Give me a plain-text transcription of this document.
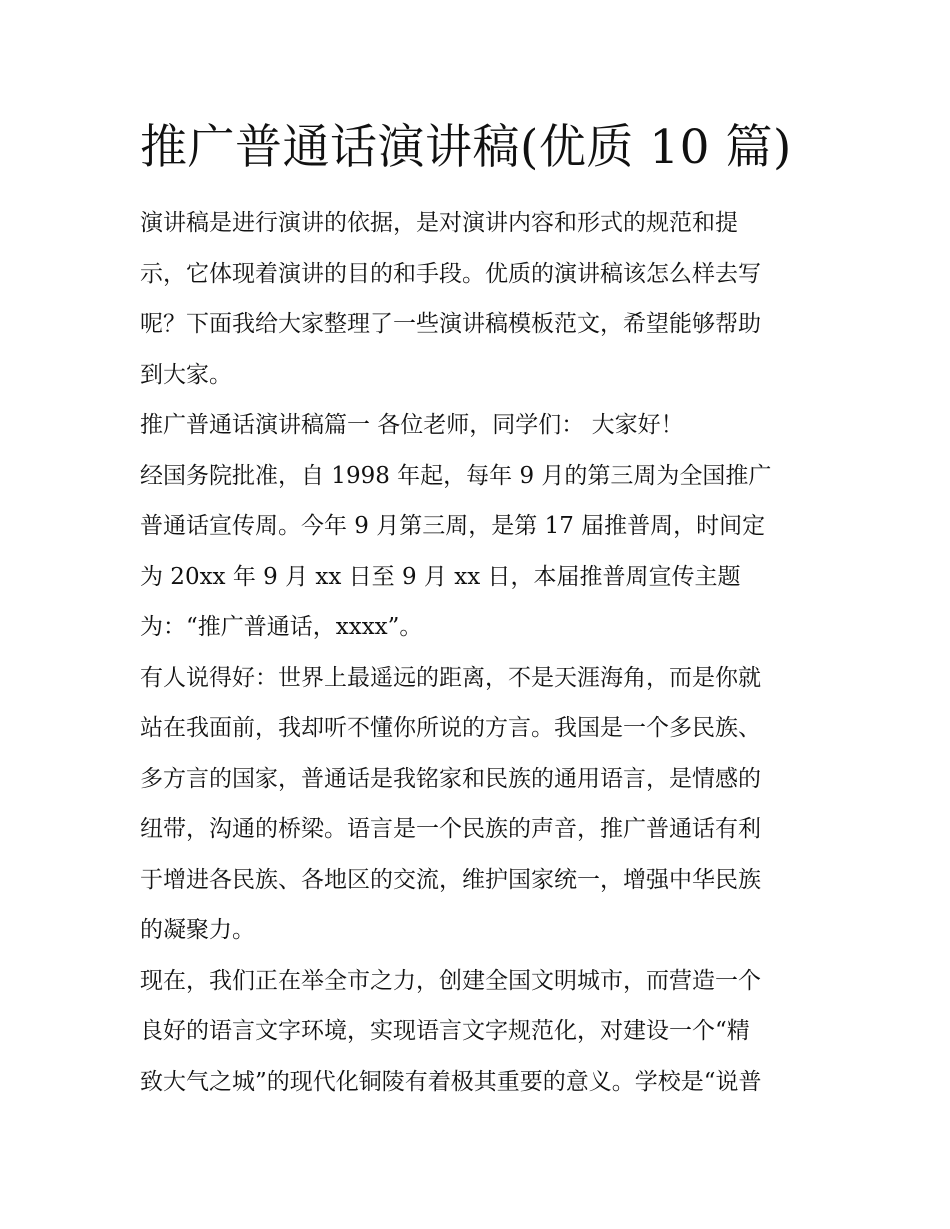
推广普通话演讲稿(优质 10 篇)

演讲稿是进行演讲的依据，是对演讲内容和形式的规范和提
示，它体现着演讲的目的和手段。优质的演讲稿该怎么样去写
呢？下面我给大家整理了一些演讲稿模板范文，希望能够帮助
到大家。

推广普通话演讲稿篇一 各位老师，同学们： 大家好！

经国务院批准，自 1998 年起，每年 9 月的第三周为全国推广
普通话宣传周。今年 9 月第三周，是第 17 届推普周，时间定
为 20xx 年 9 月 xx 日至 9 月 xx 日，本届推普周宣传主题
为：“推广普通话，xxxx”。

有人说得好：世界上最遥远的距离，不是天涯海角，而是你就
站在我面前，我却听不懂你所说的方言。我国是一个多民族、
多方言的国家，普通话是我铭家和民族的通用语言，是情感的
纽带，沟通的桥梁。语言是一个民族的声音，推广普通话有利
于增进各民族、各地区的交流，维护国家统一，增强中华民族
的凝聚力。

现在，我们正在举全市之力，创建全国文明城市，而营造一个
良好的语言文字环境，实现语言文字规范化，对建设一个“精
致大气之城”的现代化铜陵有着极其重要的意义。学校是“说普
